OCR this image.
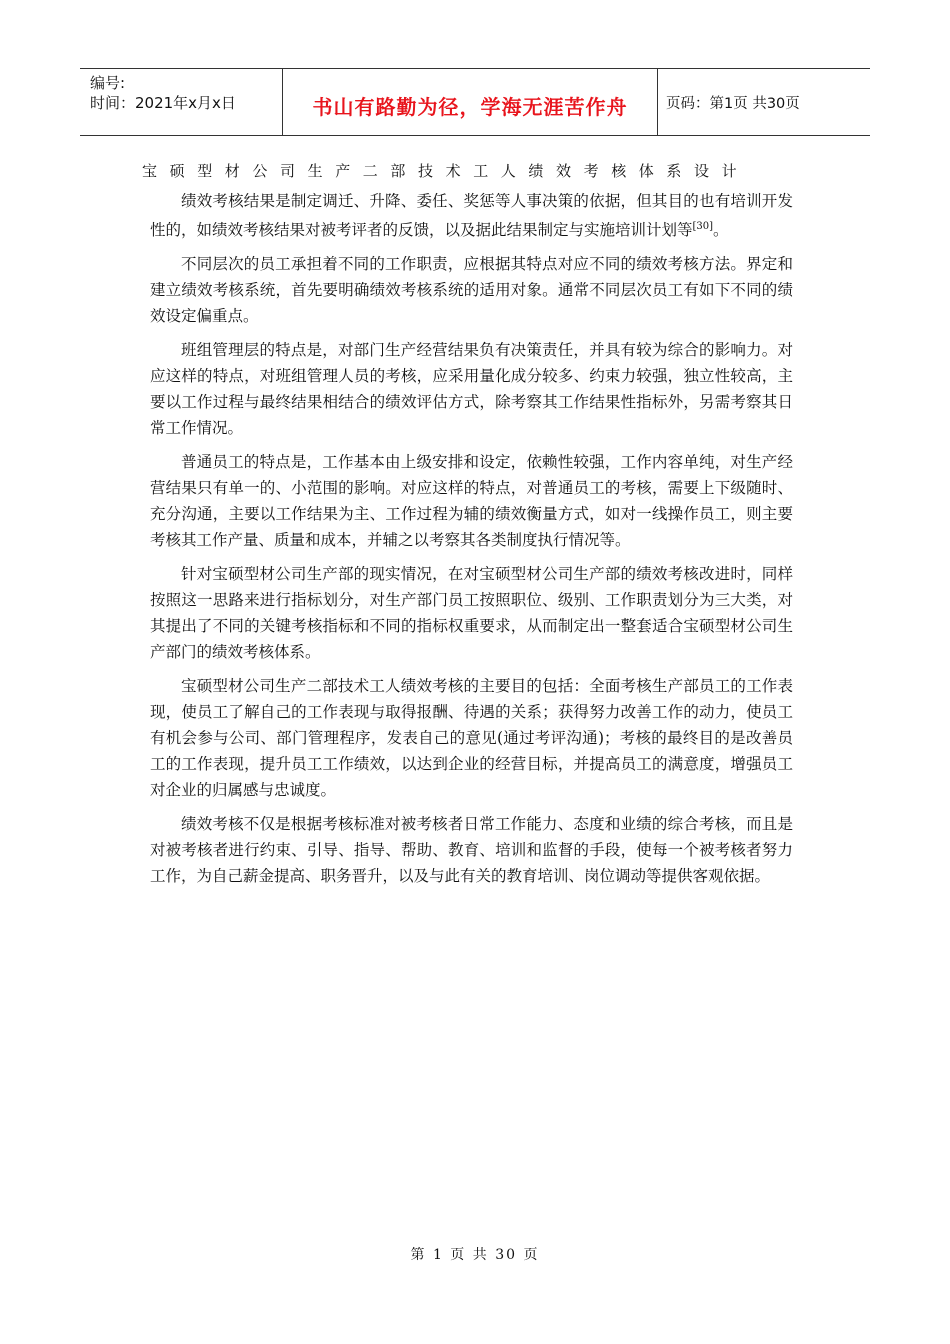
编号:
时间：2021年x月x日	书山有路勤为径，学海无涯苦作舟	页码：第1页 共30页
宝硕型材公司生产二部技术工人绩效考核体系设计

绩效考核结果是制定调迁、升降、委任、奖惩等人事决策的依据，但其目的也有培训开发性的，如绩效考核结果对被考评者的反馈，以及据此结果制定与实施培训计划等[30]。

不同层次的员工承担着不同的工作职责，应根据其特点对应不同的绩效考核方法。界定和建立绩效考核系统，首先要明确绩效考核系统的适用对象。通常不同层次员工有如下不同的绩效设定偏重点。

班组管理层的特点是，对部门生产经营结果负有决策责任，并具有较为综合的影响力。对应这样的特点，对班组管理人员的考核，应采用量化成分较多、约束力较强，独立性较高，主要以工作过程与最终结果相结合的绩效评估方式，除考察其工作结果性指标外，另需考察其日常工作情况。

普通员工的特点是，工作基本由上级安排和设定，依赖性较强，工作内容单纯，对生产经营结果只有单一的、小范围的影响。对应这样的特点，对普通员工的考核，需要上下级随时、充分沟通，主要以工作结果为主、工作过程为辅的绩效衡量方式，如对一线操作员工，则主要考核其工作产量、质量和成本，并辅之以考察其各类制度执行情况等。

针对宝硕型材公司生产部的现实情况，在对宝硕型材公司生产部的绩效考核改进时，同样按照这一思路来进行指标划分，对生产部门员工按照职位、级别、工作职责划分为三大类，对其提出了不同的关键考核指标和不同的指标权重要求，从而制定出一整套适合宝硕型材公司生产部门的绩效考核体系。

宝硕型材公司生产二部技术工人绩效考核的主要目的包括：全面考核生产部员工的工作表现，使员工了解自己的工作表现与取得报酬、待遇的关系；获得努力改善工作的动力，使员工有机会参与公司、部门管理程序，发表自己的意见(通过考评沟通)；考核的最终目的是改善员工的工作表现，提升员工工作绩效，以达到企业的经营目标，并提高员工的满意度，增强员工对企业的归属感与忠诚度。

绩效考核不仅是根据考核标准对被考核者日常工作能力、态度和业绩的综合考核，而且是对被考核者进行约束、引导、指导、帮助、教育、培训和监督的手段，使每一个被考核者努力工作，为自己薪金提高、职务晋升，以及与此有关的教育培训、岗位调动等提供客观依据。

第 1 页 共 30 页
